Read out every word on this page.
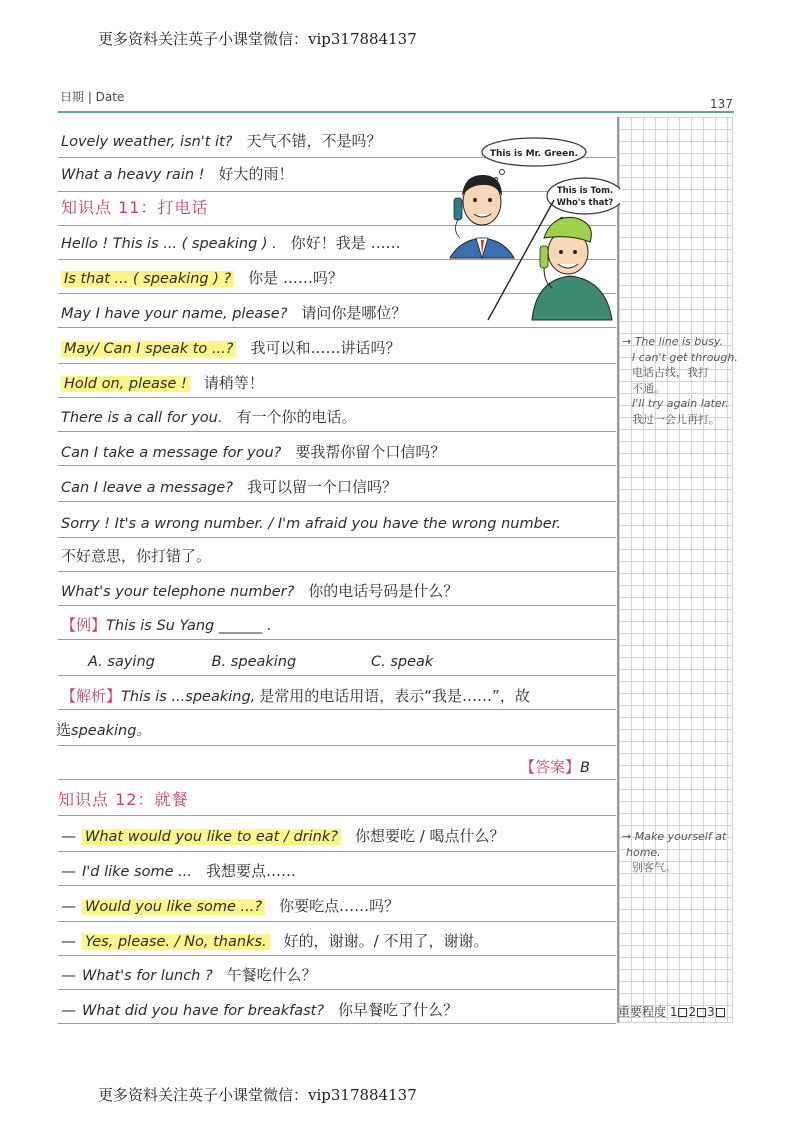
更多资料关注英子小课堂微信：vip317884137
日期 | Date	137
Lovely weather, isn't it? 天气不错，不是吗？
What a heavy rain ! 好大的雨！
知识点 11：打电话
Hello ! This is ... ( speaking ) . 你好！我是 ……
Is that ... ( speaking ) ? 你是 ……吗？
May I have your name, please? 请问你是哪位？
May/ Can I speak to ...? 我可以和……讲话吗？
Hold on, please ! 请稍等！
There is a call for you. 有一个你的电话。
Can I take a message for you? 要我帮你留个口信吗？
Can I leave a message? 我可以留一个口信吗？
Sorry ! It's a wrong number. / I'm afraid you have the wrong number.
不好意思，你打错了。
What's your telephone number? 你的电话号码是什么？
【例】This is Su Yang ______ .
A. saying	B. speaking	C. speak
【解析】This is ...speaking, 是常用的电话用语，表示“我是……”，故
选speaking。
【答案】B
知识点 12：就餐
— What would you like to eat / drink? 你想要吃 / 喝点什么？
— I'd like some ... 我想要点……
— Would you like some ...? 你要吃点……吗？
— Yes, please. / No, thanks. 好的，谢谢。/ 不用了，谢谢。
— What's for lunch ? 午餐吃什么？
— What did you have for breakfast? 你早餐吃了什么？
→ The line is busy.
I can't get through.
电话占线，我打
不通。
I'll try again later.
我过一会儿再打。
→ Make yourself at
home.
别客气。
重要程度 1 2 3
This is Mr. Green.
This is Tom.
Who's that?
更多资料关注英子小课堂微信：vip317884137
